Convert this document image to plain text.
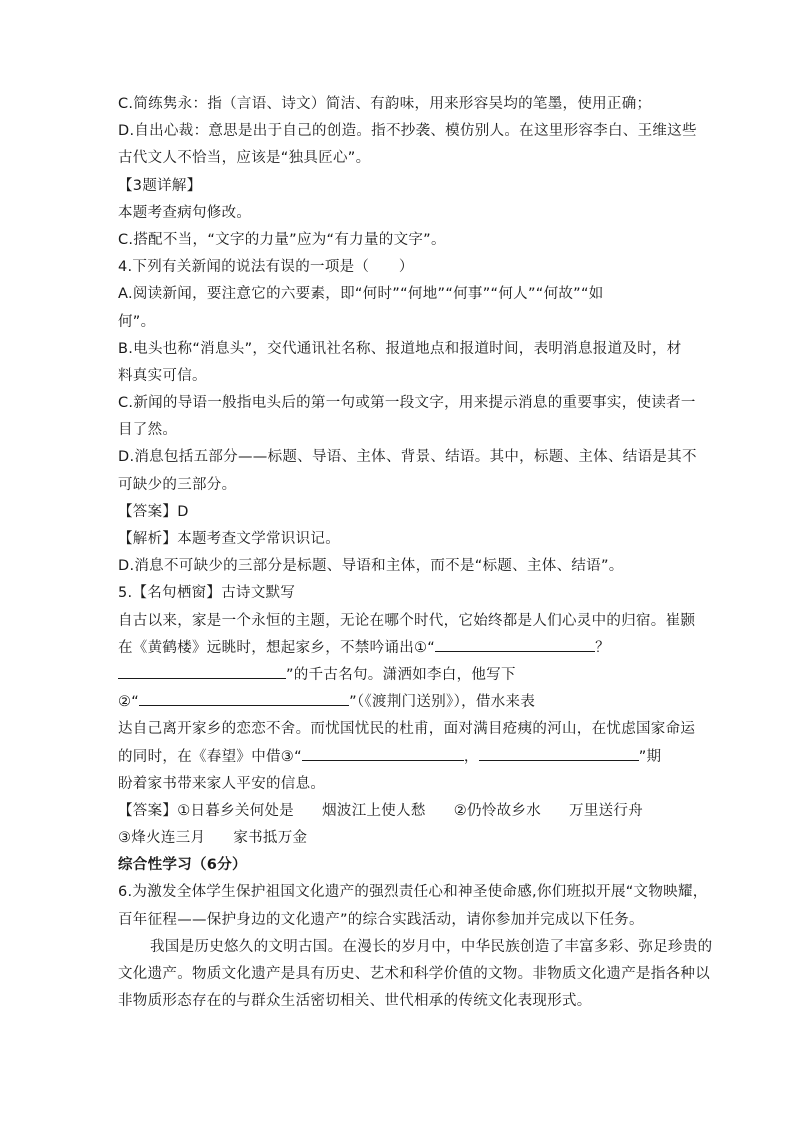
C.简练隽永：指（言语、诗文）简洁、有韵味，用来形容吴均的笔墨，使用正确；
D.自出心裁：意思是出于自己的创造。指不抄袭、模仿别人。在这里形容李白、王维这些
古代文人不恰当，应该是“独具匠心”。
【3题详解】
本题考查病句修改。
C.搭配不当，“文字的力量”应为“有力量的文字”。
4.下列有关新闻的说法有误的一项是（　　）
A.阅读新闻，要注意它的六要素，即“何时”“何地”“何事”“何人”“何故”“如
何”。
B.电头也称“消息头”，交代通讯社名称、报道地点和报道时间，表明消息报道及时，材
料真实可信。
C.新闻的导语一般指电头后的第一句或第一段文字，用来提示消息的重要事实，使读者一
目了然。
D.消息包括五部分——标题、导语、主体、背景、结语。其中，标题、主体、结语是其不
可缺少的三部分。
【答案】D
【解析】本题考查文学常识识记。
D.消息不可缺少的三部分是标题、导语和主体，而不是“标题、主体、结语”。
5.【名句栖窗】古诗文默写
自古以来，家是一个永恒的主题，无论在哪个时代，它始终都是人们心灵中的归宿。崔颢
在《黄鹤楼》远眺时，想起家乡，不禁吟诵出①“	？
”的千古名句。潇洒如李白，他写下
②“	”（《渡荆门送别》），借水来表
达自己离开家乡的恋恋不舍。而忧国忧民的杜甫，面对满目疮痍的河山，在忧虑国家命运
的同时，在《春望》中借③“	，	”期
盼着家书带来家人平安的信息。
【答案】①日暮乡关何处是 烟波江上使人愁 ②仍怜故乡水 万里送行舟
③烽火连三月 家书抵万金
综合性学习（6分）
6.为激发全体学生保护祖国文化遗产的强烈责任心和神圣使命感,你们班拟开展“文物映耀，
百年征程——保护身边的文化遗产”的综合实践活动，请你参加并完成以下任务。
我国是历史悠久的文明古国。在漫长的岁月中，中华民族创造了丰富多彩、弥足珍贵的
文化遗产。物质文化遗产是具有历史、艺术和科学价值的文物。非物质文化遗产是指各种以
非物质形态存在的与群众生活密切相关、世代相承的传统文化表现形式。
